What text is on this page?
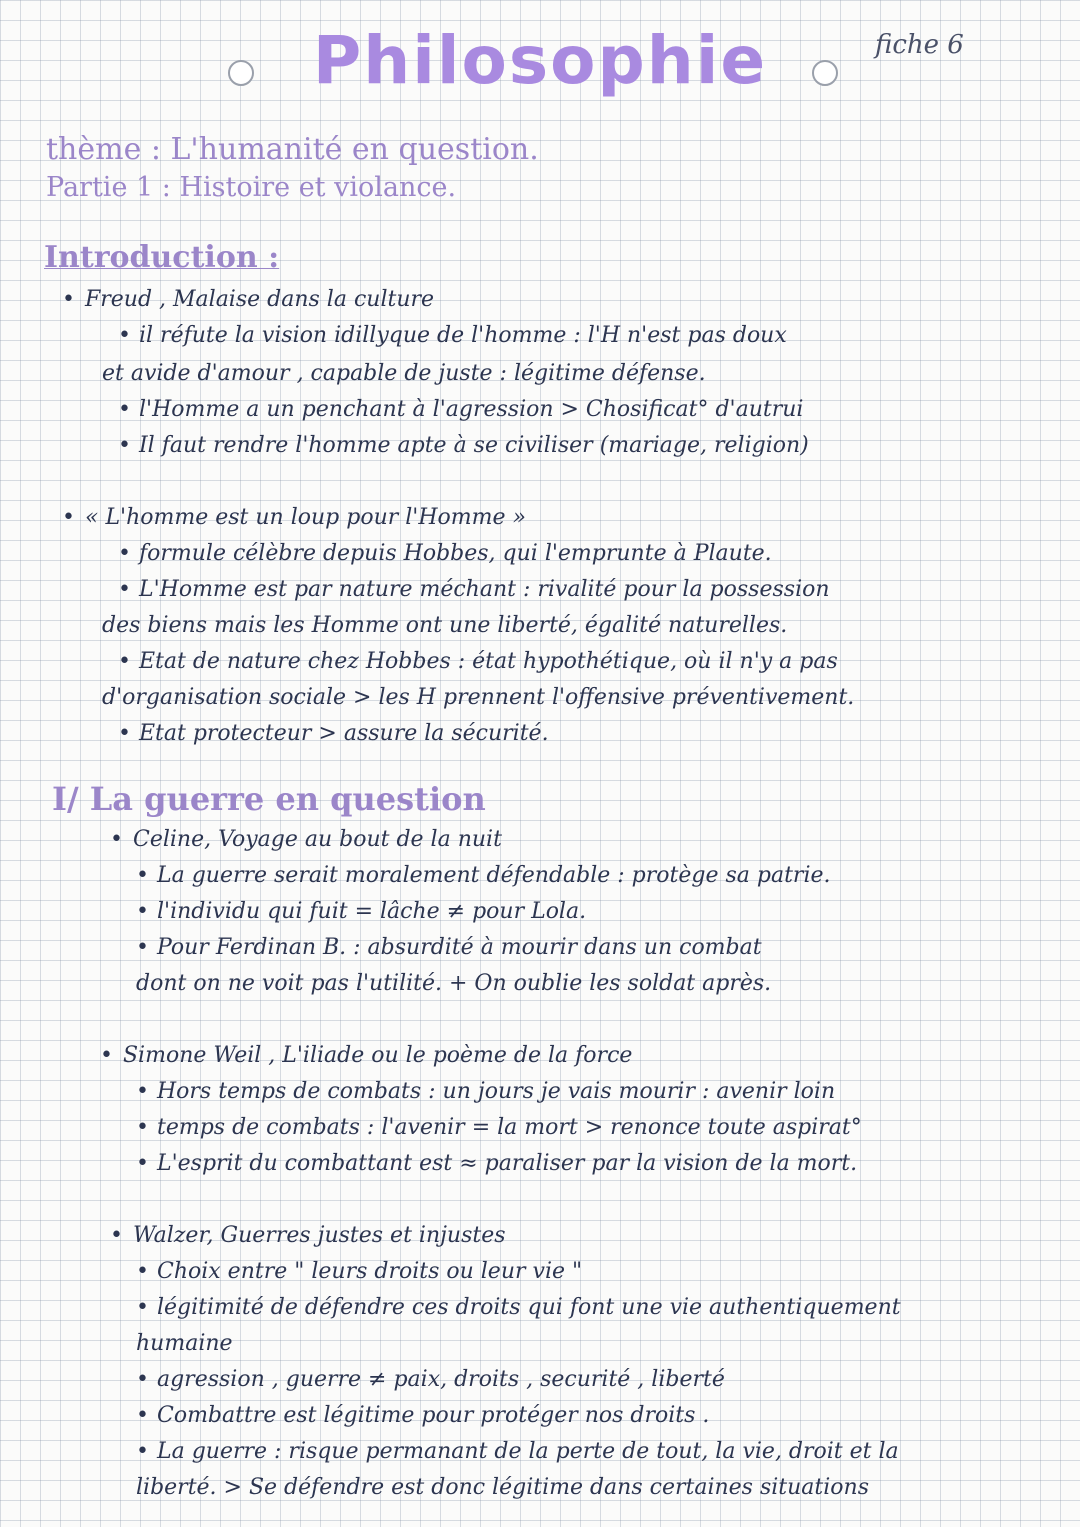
Philosophie	fiche 6

thème : L'humanité en question.

Partie 1 : Histoire et violance.

Introduction :
• Freud , Malaise dans la culture
• il réfute la vision idillyque de l'homme : l'H n'est pas doux
et avide d'amour , capable de juste : légitime défense.
• l'Homme a un penchant à l'agression > Chosificat° d'autrui
• Il faut rendre l'homme apte à se civiliser (mariage, religion)
• « L'homme est un loup pour l'Homme »
• formule célèbre depuis Hobbes, qui l'emprunte à Plaute.
• L'Homme est par nature méchant : rivalité pour la possession
des biens mais les Homme ont une liberté, égalité naturelles.
• Etat de nature chez Hobbes : état hypothétique, où il n'y a pas
d'organisation sociale > les H prennent l'offensive préventivement.
• Etat protecteur > assure la sécurité.
I/ La guerre en question
• Celine, Voyage au bout de la nuit
• La guerre serait moralement défendable : protège sa patrie.
• l'individu qui fuit = lâche ≠ pour Lola.
• Pour Ferdinan B. : absurdité à mourir dans un combat
dont on ne voit pas l'utilité. + On oublie les soldat après.
• Simone Weil , L'iliade ou le poème de la force
• Hors temps de combats : un jours je vais mourir : avenir loin
• temps de combats : l'avenir = la mort > renonce toute aspirat°
• L'esprit du combattant est ≈ paraliser par la vision de la mort.
• Walzer, Guerres justes et injustes
• Choix entre " leurs droits ou leur vie "
• légitimité de défendre ces droits qui font une vie authentiquement
humaine
• agression , guerre ≠ paix, droits , securité , liberté
• Combattre est légitime pour protéger nos droits .
• La guerre : risque permanant de la perte de tout, la vie, droit et la
liberté. > Se défendre est donc légitime dans certaines situations
